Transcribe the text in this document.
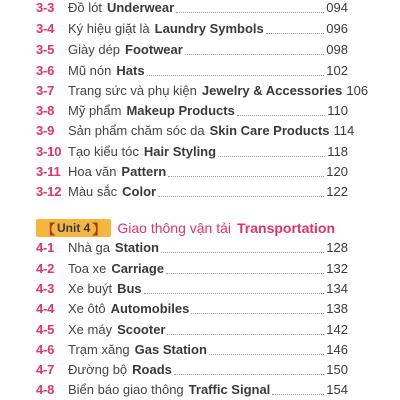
3-3	Đồ lót Underwear	094
3-4	Ký hiệu giặt là Laundry Symbols	096
3-5	Giày dép Footwear	098
3-6	Mũ nón Hats	102
3-7	Trang sức và phụ kiện Jewelry & Accessories 106
3-8	Mỹ phẩm Makeup Products	110
3-9	Sản phẩm chăm sóc da Skin Care Products 114
3-10 Tạo kiểu tóc Hair Styling	118
3-11 Hoa văn Pattern	120
3-12 Màu sắc Color	122
【 Unit 4 】 Giao thông vận tải Transportation
4-1	Nhà ga Station	128
4-2	Toa xe Carriage	132
4-3	Xe buýt Bus	134
4-4	Xe ôtô Automobiles	138
4-5	Xe máy Scooter	142
4-6	Trạm xăng Gas Station	146
4-7	Đường bộ Roads	150
4-8	Biển báo giao thông Traffic Signal	154
